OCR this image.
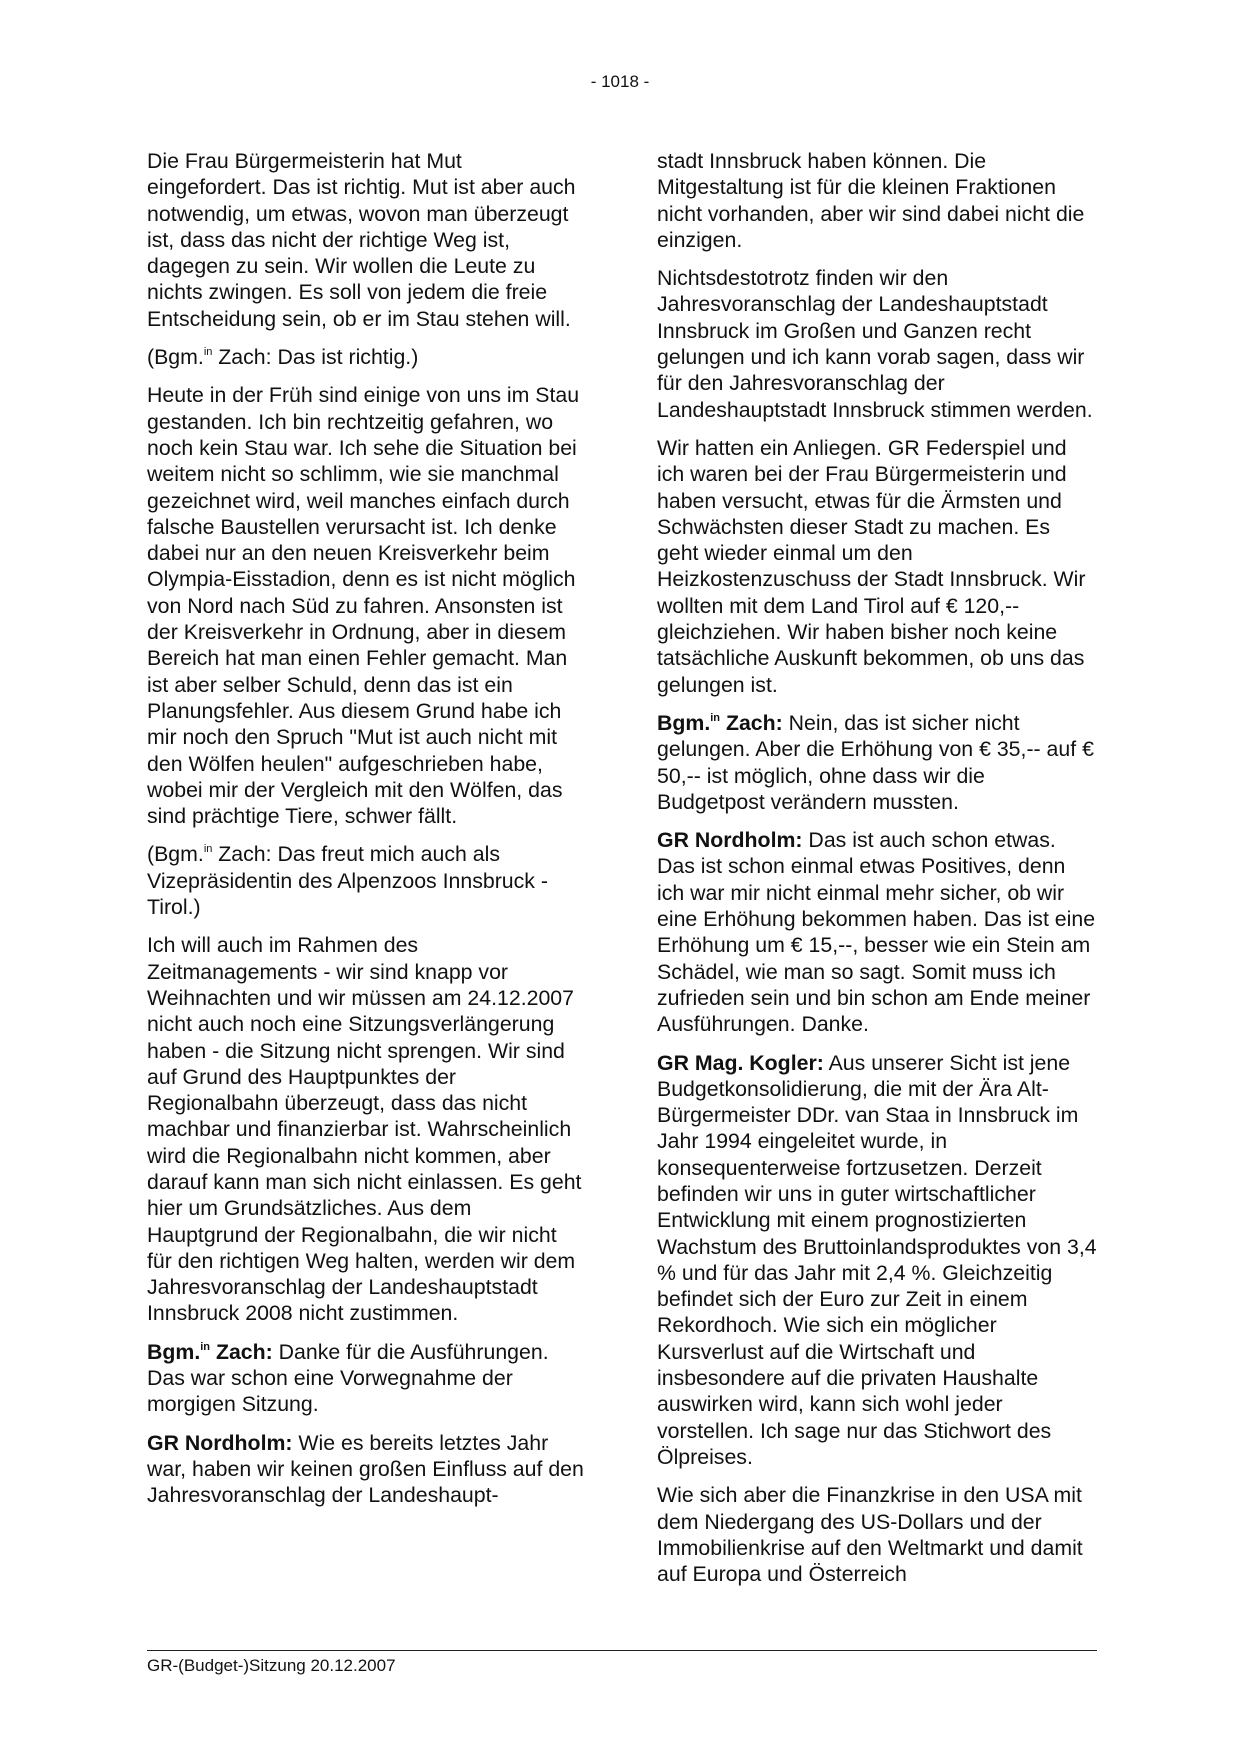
- 1018 -

Die Frau Bürgermeisterin hat Mut eingefordert. Das ist richtig. Mut ist aber auch notwendig, um etwas, wovon man überzeugt ist, dass das nicht der richtige Weg ist, dagegen zu sein. Wir wollen die Leute zu nichts zwingen. Es soll von jedem die freie Entscheidung sein, ob er im Stau stehen will.

(Bgm.$^{in}$ Zach: Das ist richtig.)

Heute in der Früh sind einige von uns im Stau gestanden. Ich bin rechtzeitig gefahren, wo noch kein Stau war. Ich sehe die Situation bei weitem nicht so schlimm, wie sie manchmal gezeichnet wird, weil manches einfach durch falsche Baustellen verursacht ist. Ich denke dabei nur an den neuen Kreisverkehr beim Olympia-Eisstadion, denn es ist nicht möglich von Nord nach Süd zu fahren. Ansonsten ist der Kreisverkehr in Ordnung, aber in diesem Bereich hat man einen Fehler gemacht. Man ist aber selber Schuld, denn das ist ein Planungsfehler. Aus diesem Grund habe ich mir noch den Spruch "Mut ist auch nicht mit den Wölfen heulen" aufgeschrieben habe, wobei mir der Vergleich mit den Wölfen, das sind prächtige Tiere, schwer fällt.

(Bgm.$^{in}$ Zach: Das freut mich auch als Vizepräsidentin des Alpenzoos Innsbruck - Tirol.)

Ich will auch im Rahmen des Zeitmanagements - wir sind knapp vor Weihnachten und wir müssen am 24.12.2007 nicht auch noch eine Sitzungsverlängerung haben - die Sitzung nicht sprengen. Wir sind auf Grund des Hauptpunktes der Regionalbahn überzeugt, dass das nicht machbar und finanzierbar ist. Wahrscheinlich wird die Regionalbahn nicht kommen, aber darauf kann man sich nicht einlassen. Es geht hier um Grundsätzliches. Aus dem Hauptgrund der Regionalbahn, die wir nicht für den richtigen Weg halten, werden wir dem Jahresvoranschlag der Landeshauptstadt Innsbruck 2008 nicht zustimmen.

Bgm.$^{in}$ Zach: Danke für die Ausführungen. Das war schon eine Vorwegnahme der morgigen Sitzung.

GR Nordholm: Wie es bereits letztes Jahr war, haben wir keinen großen Einfluss auf den Jahresvoranschlag der Landeshaupt-

stadt Innsbruck haben können. Die Mitgestaltung ist für die kleinen Fraktionen nicht vorhanden, aber wir sind dabei nicht die einzigen.

Nichtsdestotrotz finden wir den Jahresvoranschlag der Landeshauptstadt Innsbruck im Großen und Ganzen recht gelungen und ich kann vorab sagen, dass wir für den Jahresvoranschlag der Landeshauptstadt Innsbruck stimmen werden.

Wir hatten ein Anliegen. GR Federspiel und ich waren bei der Frau Bürgermeisterin und haben versucht, etwas für die Ärmsten und Schwächsten dieser Stadt zu machen. Es geht wieder einmal um den Heizkostenzuschuss der Stadt Innsbruck. Wir wollten mit dem Land Tirol auf € 120,-- gleichziehen. Wir haben bisher noch keine tatsächliche Auskunft bekommen, ob uns das gelungen ist.

Bgm.$^{in}$ Zach: Nein, das ist sicher nicht gelungen. Aber die Erhöhung von € 35,-- auf € 50,-- ist möglich, ohne dass wir die Budgetpost verändern mussten.

GR Nordholm: Das ist auch schon etwas. Das ist schon einmal etwas Positives, denn ich war mir nicht einmal mehr sicher, ob wir eine Erhöhung bekommen haben. Das ist eine Erhöhung um € 15,--, besser wie ein Stein am Schädel, wie man so sagt. Somit muss ich zufrieden sein und bin schon am Ende meiner Ausführungen. Danke.

GR Mag. Kogler: Aus unserer Sicht ist jene Budgetkonsolidierung, die mit der Ära Alt-Bürgermeister DDr. van Staa in Innsbruck im Jahr 1994 eingeleitet wurde, in konsequenterweise fortzusetzen. Derzeit befinden wir uns in guter wirtschaftlicher Entwicklung mit einem prognostizierten Wachstum des Bruttoinlandsproduktes von 3,4 % und für das Jahr mit 2,4 %. Gleichzeitig befindet sich der Euro zur Zeit in einem Rekordhoch. Wie sich ein möglicher Kursverlust auf die Wirtschaft und insbesondere auf die privaten Haushalte auswirken wird, kann sich wohl jeder vorstellen. Ich sage nur das Stichwort des Ölpreises.

Wie sich aber die Finanzkrise in den USA mit dem Niedergang des US-Dollars und der Immobilienkrise auf den Weltmarkt und damit auf Europa und Österreich

GR-(Budget-)Sitzung 20.12.2007
